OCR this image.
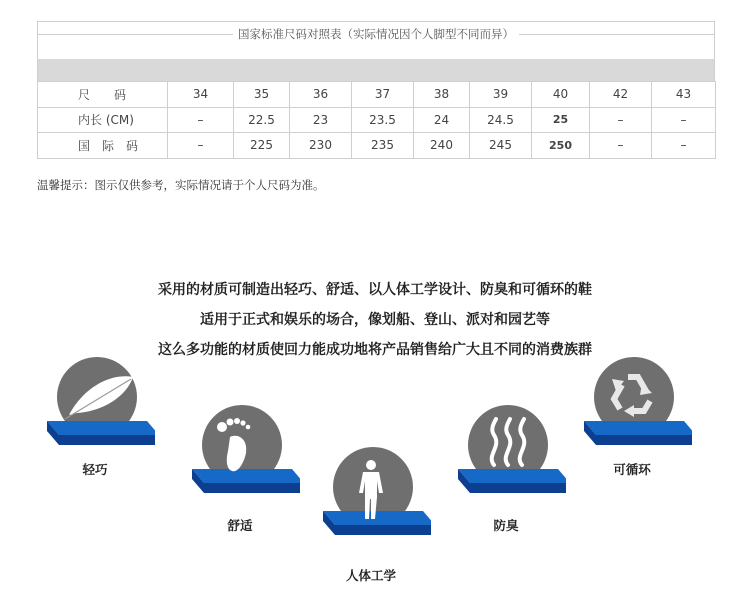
国家标准尺码对照表（实际情况因个人脚型不同而异）
尺　　码	34	35	36	37	38	39	40	42	43
内长 (CM)	–	22.5	23	23.5	24	24.5	25	–	–
国　际　码	–	225	230	235	240	245	250	–	–
温馨提示：图示仅供参考，实际情况请于个人尺码为准。
采用的材质可制造出轻巧、舒适、以人体工学设计、防臭和可循环的鞋
适用于正式和娱乐的场合，像划船、登山、派对和园艺等
这么多功能的材质使回力能成功地将产品销售给广大且不同的消费族群
轻巧
舒适
人体工学
防臭
可循环
